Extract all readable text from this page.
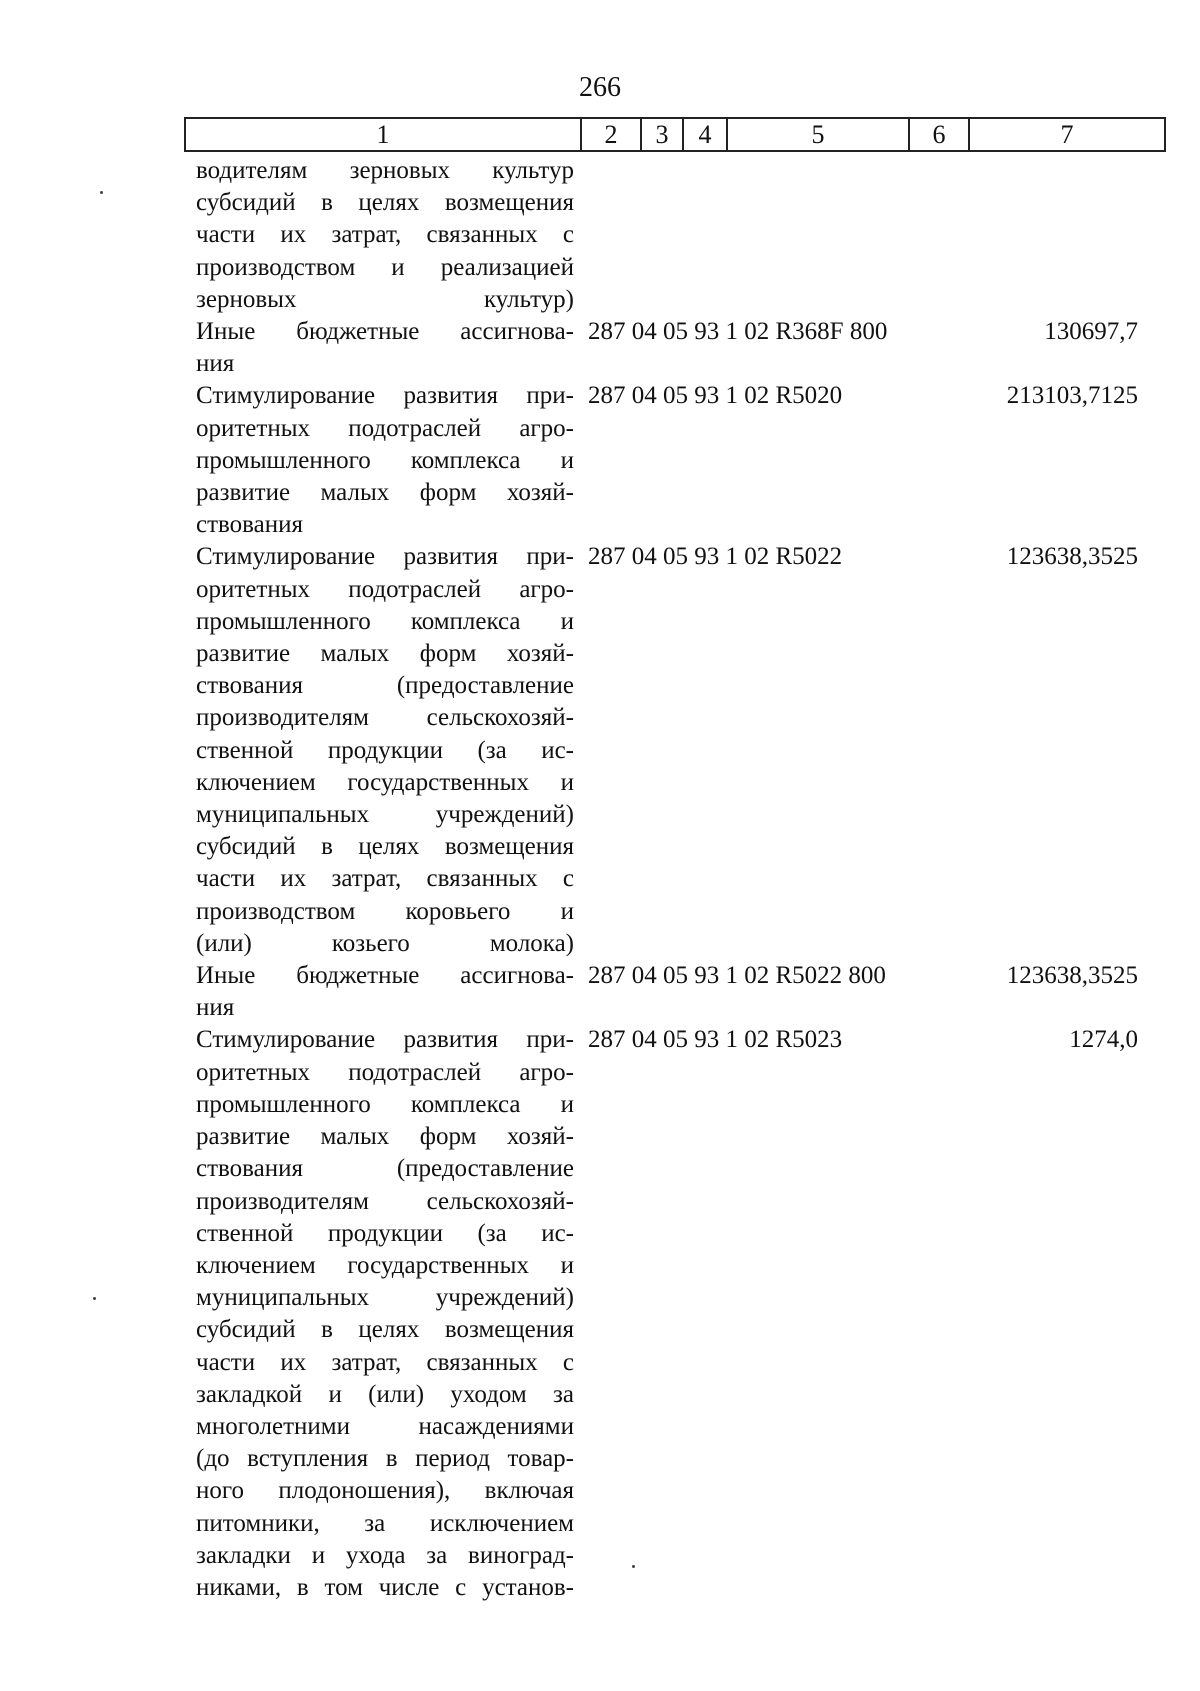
266
1	2	3	4	5	6	7
водителям зерновых культур
субсидий в целях возмещения
части их затрат, связанных с
производством и реализацией
зерновых культур)
Иные бюджетные ассигнова-
ния
287 04 05 93 1 02 R368F 800	130697,7
Стимулирование развития при-
оритетных подотраслей агро-
промышленного комплекса и
развитие малых форм хозяй-
ствования
287 04 05 93 1 02 R5020	213103,7125
Стимулирование развития при-
оритетных подотраслей агро-
промышленного комплекса и
развитие малых форм хозяй-
ствования (предоставление
производителям сельскохозяй-
ственной продукции (за ис-
ключением государственных и
муниципальных учреждений)
субсидий в целях возмещения
части их затрат, связанных с
производством коровьего и
(или) козьего молока)
287 04 05 93 1 02 R5022	123638,3525
Иные бюджетные ассигнова-
ния
287 04 05 93 1 02 R5022 800	123638,3525
Стимулирование развития при-
оритетных подотраслей агро-
промышленного комплекса и
развитие малых форм хозяй-
ствования (предоставление
производителям сельскохозяй-
ственной продукции (за ис-
ключением государственных и
муниципальных учреждений)
субсидий в целях возмещения
части их затрат, связанных с
закладкой и (или) уходом за
многолетними насаждениями
(до вступления в период товар-
ного плодоношения), включая
питомники, за исключением
закладки и ухода за виноград-
никами, в том числе с установ-
287 04 05 93 1 02 R5023	1274,0
